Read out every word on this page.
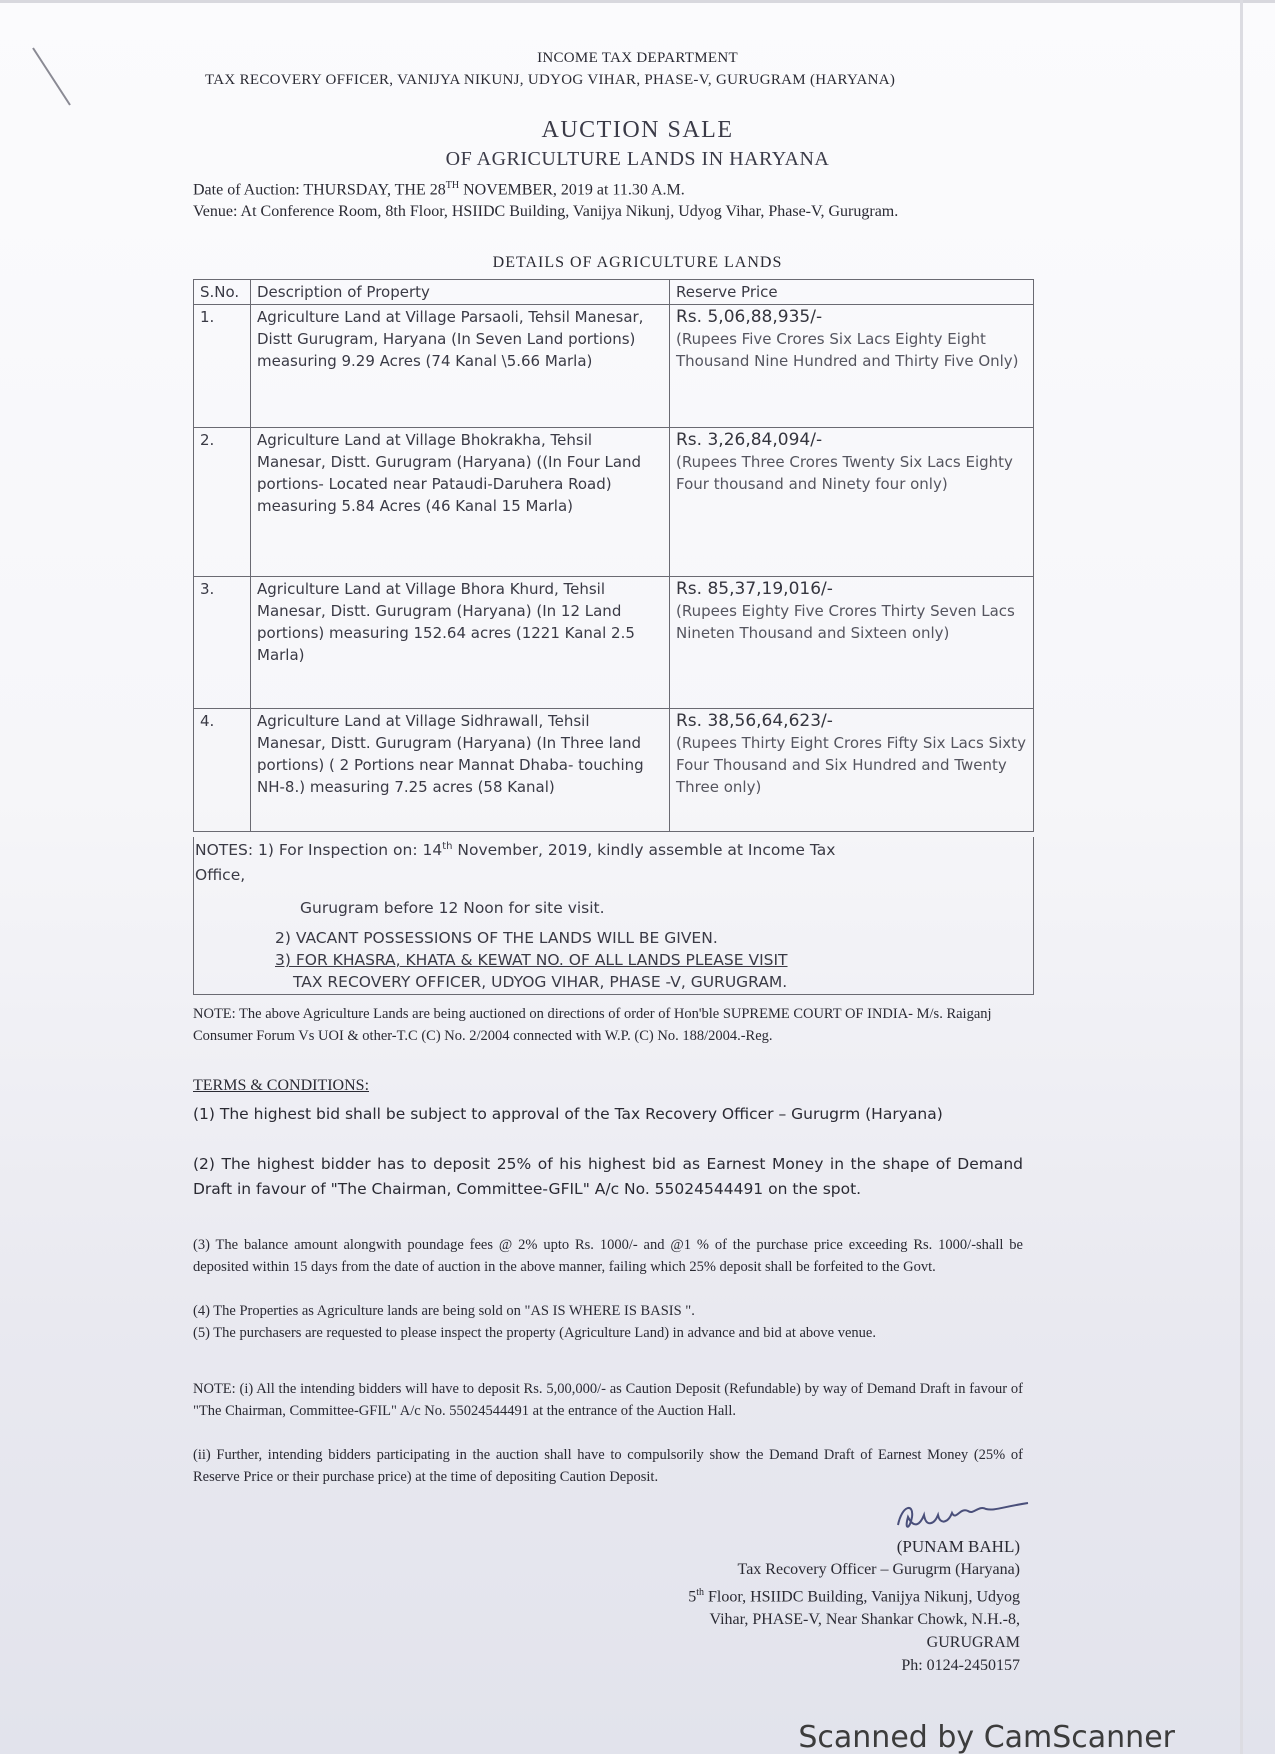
INCOME TAX DEPARTMENT
TAX RECOVERY OFFICER, VANIJYA NIKUNJ, UDYOG VIHAR, PHASE-V, GURUGRAM (HARYANA)
AUCTION SALE
OF AGRICULTURE LANDS IN HARYANA
Date of Auction: THURSDAY, THE 28TH NOVEMBER, 2019 at 11.30 A.M.
Venue: At Conference Room, 8th Floor, HSIIDC Building, Vanijya Nikunj, Udyog Vihar, Phase-V, Gurugram.
DETAILS OF AGRICULTURE LANDS
S.No.	Description of Property	Reserve Price
1.	Agriculture Land at Village Parsaoli, Tehsil Manesar, Distt Gurugram, Haryana (In Seven Land portions) measuring 9.29 Acres (74 Kanal \5.66 Marla)	Rs. 5,06,88,935/-
(Rupees Five Crores Six Lacs Eighty Eight Thousand Nine Hundred and Thirty Five Only)

2.	Agriculture Land at Village Bhokrakha, Tehsil Manesar, Distt. Gurugram (Haryana) ((In Four Land portions- Located near Pataudi-Daruhera Road) measuring 5.84 Acres (46 Kanal 15 Marla)	Rs. 3,26,84,094/-
(Rupees Three Crores Twenty Six Lacs Eighty Four thousand and Ninety four only)

3.	Agriculture Land at Village Bhora Khurd, Tehsil Manesar, Distt. Gurugram (Haryana) (In 12 Land portions) measuring 152.64 acres (1221 Kanal 2.5 Marla)	Rs. 85,37,19,016/-
(Rupees Eighty Five Crores Thirty Seven Lacs Nineten Thousand and Sixteen only)

4.	Agriculture Land at Village Sidhrawall, Tehsil Manesar, Distt. Gurugram (Haryana) (In Three land portions) ( 2 Portions near Mannat Dhaba- touching NH-8.) measuring 7.25 acres (58 Kanal)	Rs. 38,56,64,623/-
(Rupees Thirty Eight Crores Fifty Six Lacs Sixty Four Thousand and Six Hundred and Twenty Three only)
NOTES: 1) For Inspection on: 14th November, 2019, kindly assemble at Income Tax
Office,
Gurugram before 12 Noon for site visit.
2) VACANT POSSESSIONS OF THE LANDS WILL BE GIVEN.
3) FOR KHASRA, KHATA & KEWAT NO. OF ALL LANDS PLEASE VISIT
TAX RECOVERY OFFICER, UDYOG VIHAR, PHASE -V, GURUGRAM.
NOTE: The above Agriculture Lands are being auctioned on directions of order of Hon'ble SUPREME COURT OF INDIA- M/s. Raiganj Consumer Forum Vs UOI & other-T.C (C) No. 2/2004 connected with W.P. (C) No. 188/2004.-Reg.
TERMS & CONDITIONS:
(1) The highest bid shall be subject to approval of the Tax Recovery Officer – Gurugrm (Haryana)
(2) The highest bidder has to deposit 25% of his highest bid as Earnest Money in the shape of Demand Draft in favour of "The Chairman, Committee-GFIL" A/c No. 55024544491 on the spot.
(3) The balance amount alongwith poundage fees @ 2% upto Rs. 1000/- and @1 % of the purchase price exceeding Rs. 1000/-shall be deposited within 15 days from the date of auction in the above manner, failing which 25% deposit shall be forfeited to the Govt.
(4) The Properties as Agriculture lands are being sold on "AS IS WHERE IS BASIS ".
(5) The purchasers are requested to please inspect the property (Agriculture Land) in advance and bid at above venue.
NOTE: (i) All the intending bidders will have to deposit Rs. 5,00,000/- as Caution Deposit (Refundable) by way of Demand Draft in favour of "The Chairman, Committee-GFIL" A/c No. 55024544491 at the entrance of the Auction Hall.
(ii) Further, intending bidders participating in the auction shall have to compulsorily show the Demand Draft of Earnest Money (25% of Reserve Price or their purchase price) at the time of depositing Caution Deposit.
(PUNAM BAHL)
Tax Recovery Officer – Gurugrm (Haryana)
5th Floor, HSIIDC Building, Vanijya Nikunj, Udyog
Vihar, PHASE-V, Near Shankar Chowk, N.H.-8,
GURUGRAM
Ph: 0124-2450157
Scanned by CamScanner
